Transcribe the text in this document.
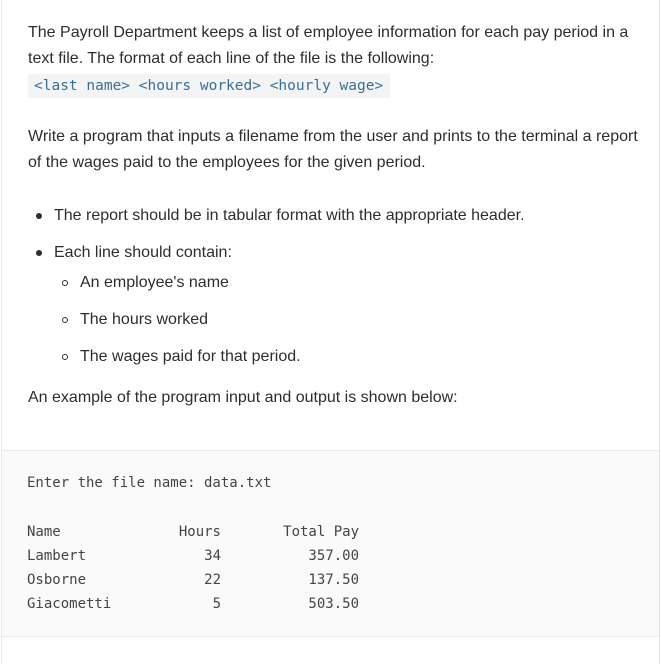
The Payroll Department keeps a list of employee information for each pay period in a text file. The format of each line of the file is the following:

<last name> <hours worked> <hourly wage>

Write a program that inputs a filename from the user and prints to the terminal a report of the wages paid to the employees for the given period.

The report should be in tabular format with the appropriate header.
Each line should contain:
An employee's name
The hours worked
The wages paid for that period.

An example of the program input and output is shown below:

Enter the file name: data.txt
Name	Hours	Total Pay
Lambert	34	357.00
Osborne	22	137.50
Giacometti	5	503.50
